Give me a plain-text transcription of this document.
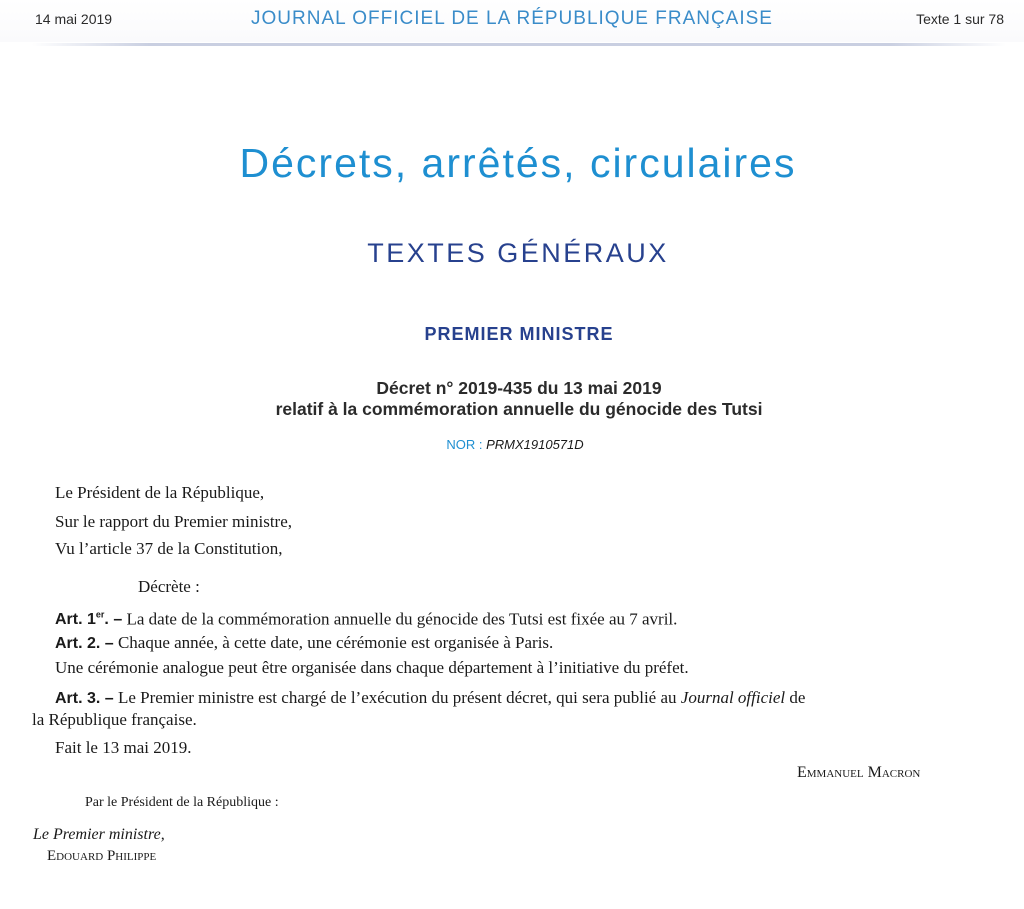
14 mai 2019	JOURNAL OFFICIEL DE LA RÉPUBLIQUE FRANÇAISE	Texte 1 sur 78
Décrets, arrêtés, circulaires
TEXTES GÉNÉRAUX
PREMIER MINISTRE
Décret n° 2019-435 du 13 mai 2019
relatif à la commémoration annuelle du génocide des Tutsi
NOR : PRMX1910571D
Le Président de la République,
Sur le rapport du Premier ministre,
Vu l’article 37 de la Constitution,
Décrète :
Art. 1er. – La date de la commémoration annuelle du génocide des Tutsi est fixée au 7 avril.
Art. 2. – Chaque année, à cette date, une cérémonie est organisée à Paris.
Une cérémonie analogue peut être organisée dans chaque département à l’initiative du préfet.
Art. 3. – Le Premier ministre est chargé de l’exécution du présent décret, qui sera publié au Journal officiel de
la République française.
Fait le 13 mai 2019.
Emmanuel Macron
Par le Président de la République :
Le Premier ministre,
Edouard Philippe
